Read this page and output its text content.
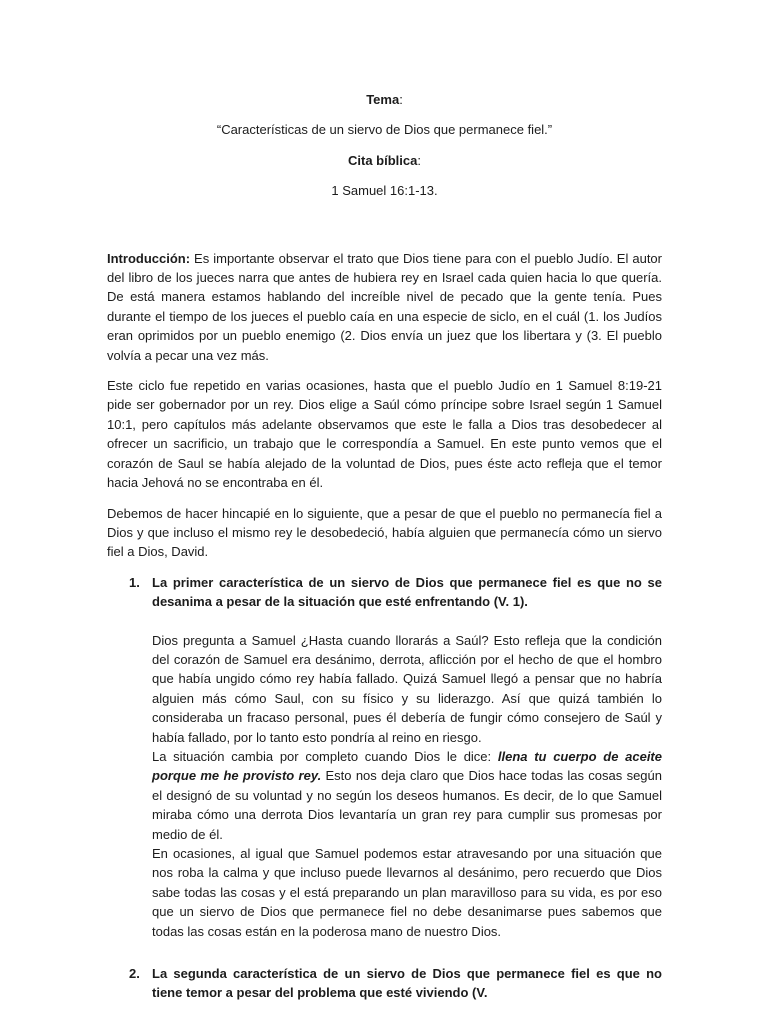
Tema:

“Características de un siervo de Dios que permanece fiel.”

Cita bíblica:

1 Samuel 16:1-13.

Introducción: Es importante observar el trato que Dios tiene para con el pueblo Judío. El autor del libro de los jueces narra que antes de hubiera rey en Israel cada quien hacia lo que quería. De está manera estamos hablando del increíble nivel de pecado que la gente tenía. Pues durante el tiempo de los jueces el pueblo caía en una especie de siclo, en el cuál (1. los Judíos eran oprimidos por un pueblo enemigo (2. Dios envía un juez que los libertara y (3. El pueblo volvía a pecar una vez más.

Este ciclo fue repetido en varias ocasiones, hasta que el pueblo Judío en 1 Samuel 8:19-21 pide ser gobernador por un rey. Dios elige a Saúl cómo príncipe sobre Israel según 1 Samuel 10:1, pero capítulos más adelante observamos que este le falla a Dios tras desobedecer al ofrecer un sacrificio, un trabajo que le correspondía a Samuel. En este punto vemos que el corazón de Saul se había alejado de la voluntad de Dios, pues éste acto refleja que el temor hacia Jehová no se encontraba en él.

Debemos de hacer hincapié en lo siguiente, que a pesar de que el pueblo no permanecía fiel a Dios y que incluso el mismo rey le desobedeció, había alguien que permanecía cómo un siervo fiel a Dios, David.

1. La primer característica de un siervo de Dios que permanece fiel es que no se desanima a pesar de la situación que esté enfrentando (V. 1).

Dios pregunta a Samuel ¿Hasta cuando llorarás a Saúl? Esto refleja que la condición del corazón de Samuel era desánimo, derrota, aflicción por el hecho de que el hombro que había ungido cómo rey había fallado. Quizá Samuel llegó a pensar que no habría alguien más cómo Saul, con su físico y su liderazgo. Así que quizá también lo consideraba un fracaso personal, pues él debería de fungir cómo consejero de Saúl y había fallado, por lo tanto esto pondría al reino en riesgo.

La situación cambia por completo cuando Dios le dice: llena tu cuerpo de aceite porque me he provisto rey. Esto nos deja claro que Dios hace todas las cosas según el designó de su voluntad y no según los deseos humanos. Es decir, de lo que Samuel miraba cómo una derrota Dios levantaría un gran rey para cumplir sus promesas por medio de él.

En ocasiones, al igual que Samuel podemos estar atravesando por una situación que nos roba la calma y que incluso puede llevarnos al desánimo, pero recuerdo que Dios sabe todas las cosas y el está preparando un plan maravilloso para su vida, es por eso que un siervo de Dios que permanece fiel no debe desanimarse pues sabemos que todas las cosas están en la poderosa mano de nuestro Dios.

2. La segunda característica de un siervo de Dios que permanece fiel es que no tiene temor a pesar del problema que esté viviendo (V.
